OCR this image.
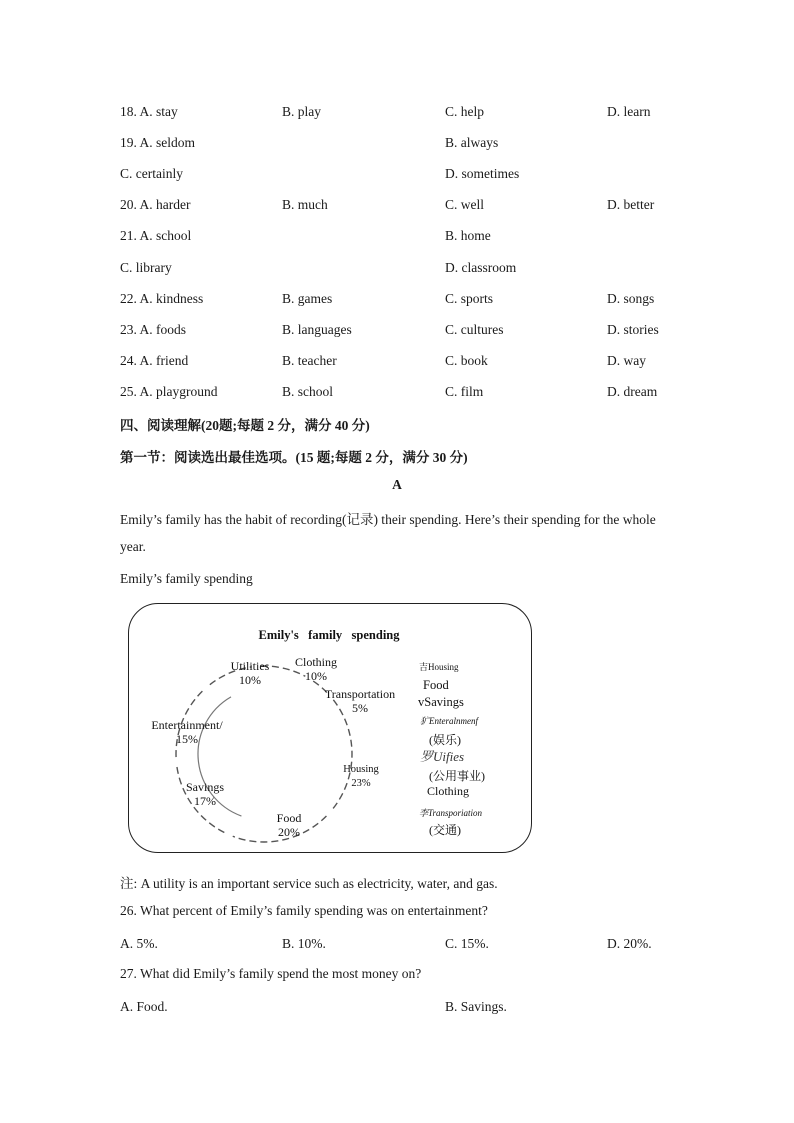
18. A. stay	B. play	C. help	D. learn
19. A. seldom	B. always
C. certainly	D. sometimes
20. A. harder	B. much	C. well	D. better
21. A. school	B. home
C. library	D. classroom
22. A. kindness	B. games	C. sports	D. songs
23. A. foods	B. languages	C. cultures	D. stories
24. A. friend	B. teacher	C. book	D. way
25. A. playground	B. school	C. film	D. dream
四、阅读理解(20题;每题 2 分，满分 40 分)
第一节：阅读选出最佳选项。(15 题;每题 2 分，满分 30 分)
A
Emily’s family has the habit of recording(记录) their spending. Here’s their spending for the whole
year.
Emily’s family spending
Emily's   family   spending
Housing
23%
Food
20%
Savings
17%
Entertainment/
15%
Utilities
10%
Clothing
10%
Transportation
5%
吉Housing
Food
vSavings
犷Enteralnmenf
(娱乐)
罗Uifies
(公用事业)
Clothing
李Transporiation
(交通)
注: A utility is an important service such as electricity, water, and gas.
26. What percent of Emily’s family spending was on entertainment?
A. 5%.	B. 10%.	C. 15%.	D. 20%.
27. What did Emily’s family spend the most money on?
A. Food.	B. Savings.
